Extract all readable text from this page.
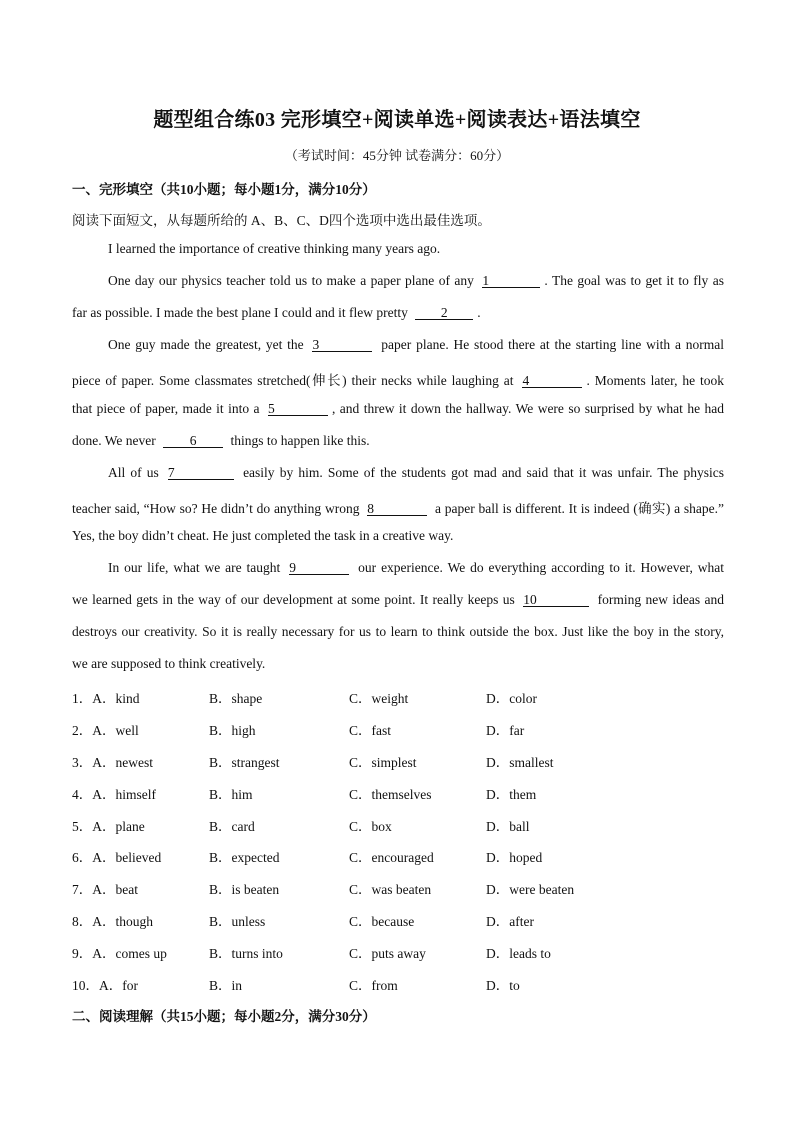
题型组合练03 完形填空+阅读单选+阅读表达+语法填空
（考试时间：45分钟 试卷满分：60分）
一、完形填空（共10小题；每小题1分，满分10分）
阅读下面短文，从每题所给的 A、B、C、D四个选项中选出最佳选项。
I learned the importance of creative thinking many years ago.
One day our physics teacher told us to make a paper plane of any 1	. The goal was to get it to fly as
far as possible. I made the best plane I could and it flew pretty 2 .
One guy made the greatest, yet the 3	paper plane. He stood there at the starting line with a normal
piece of paper. Some classmates stretched(伸长) their necks while laughing at 4	. Moments later, he took
that piece of paper, made it into a 5	, and threw it down the hallway. We were so surprised by what he had
done. We never	6	things to happen like this.
All of us 7	easily by him. Some of the students got mad and said that it was unfair. The physics
teacher said, “How so? He didn’t do anything wrong 8	a paper ball is different. It is indeed (确实) a shape.”
Yes, the boy didn’t cheat. He just completed the task in a creative way.
In our life, what we are taught 9	our experience. We do everything according to it. However, what
we learned gets in the way of our development at some point. It really keeps us 10	forming new ideas and
destroys our creativity. So it is really necessary for us to learn to think outside the box. Just like the boy in the story,
we are supposed to think creatively.
1．A．kind	B．shape	C．weight	D．color
2．A．well	B．high	C．fast	D．far
3．A．newest	B．strangest	C．simplest	D．smallest
4．A．himself	B．him	C．themselves	D．them
5．A．plane	B．card	C．box	D．ball
6．A．believed	B．expected	C．encouraged	D．hoped
7．A．beat	B．is beaten	C．was beaten	D．were beaten
8．A．though	B．unless	C．because	D．after
9．A．comes up	B．turns into	C．puts away	D．leads to
10．A．for	B．in	C．from	D．to
二、阅读理解（共15小题；每小题2分，满分30分）
